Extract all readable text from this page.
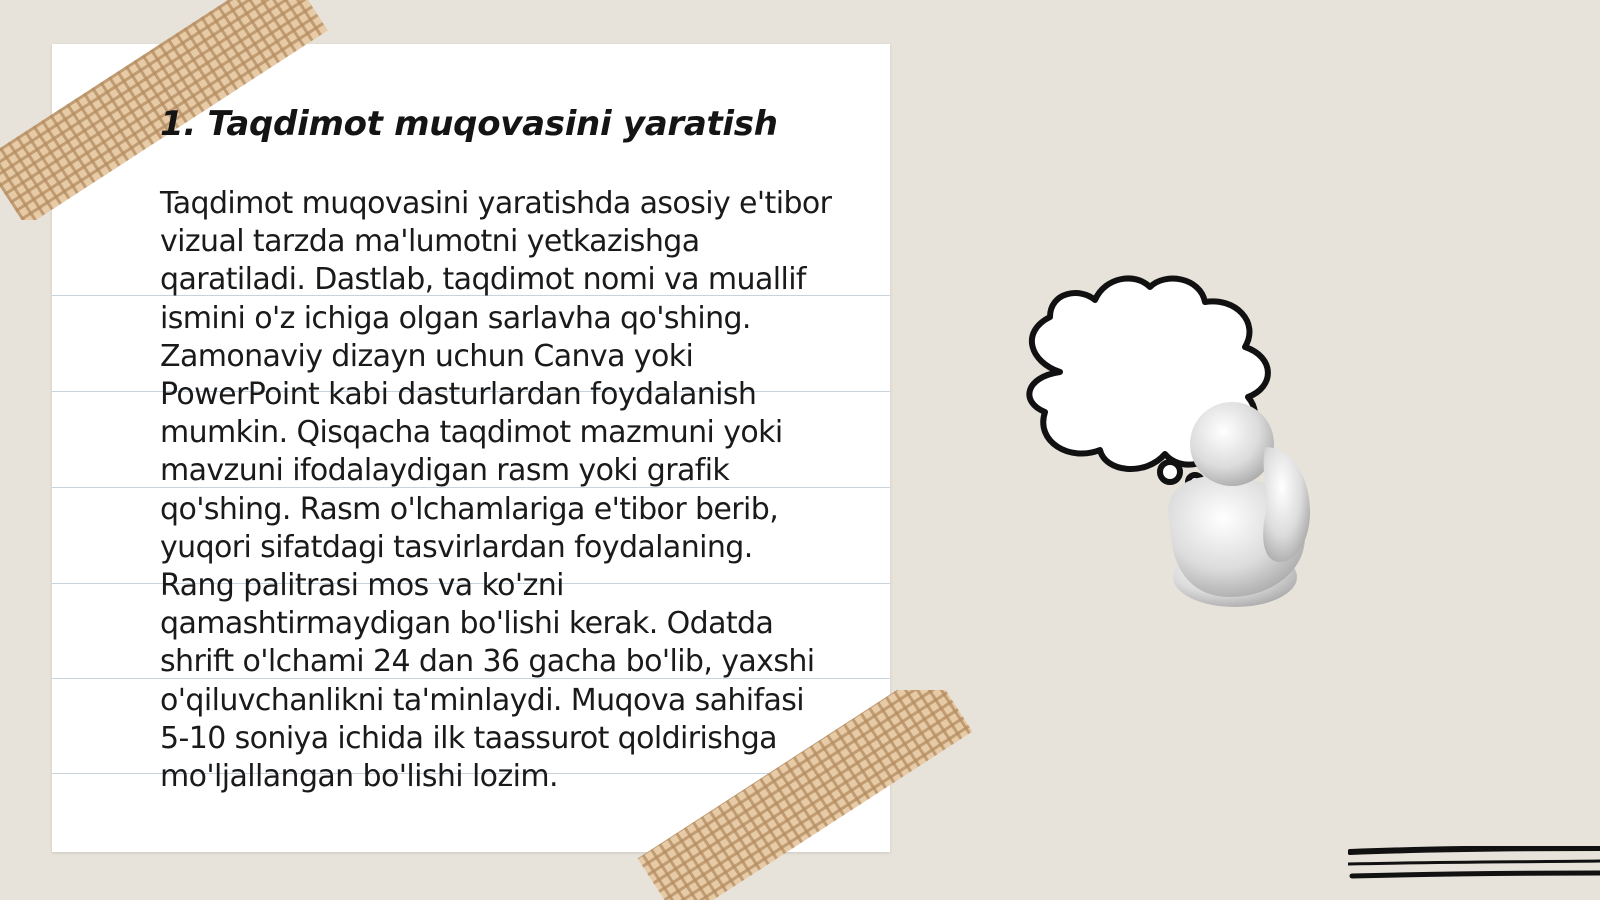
1. Taqdimot muqovasini yaratish

Taqdimot muqovasini yaratishda asosiy e'tibor vizual tarzda ma'lumotni yetkazishga qaratiladi. Dastlab, taqdimot nomi va muallif ismini o'z ichiga olgan sarlavha qo'shing. Zamonaviy dizayn uchun Canva yoki PowerPoint kabi dasturlardan foydalanish mumkin. Qisqacha taqdimot mazmuni yoki mavzuni ifodalaydigan rasm yoki grafik qo'shing. Rasm o'lchamlariga e'tibor berib, yuqori sifatdagi tasvirlardan foydalaning. Rang palitrasi mos va ko'zni qamashtirmaydigan bo'lishi kerak. Odatda shrift o'lchami 24 dan 36 gacha bo'lib, yaxshi o'qiluvchanlikni ta'minlaydi. Muqova sahifasi 5-10 soniya ichida ilk taassurot qoldirishga mo'ljallangan bo'lishi lozim.
